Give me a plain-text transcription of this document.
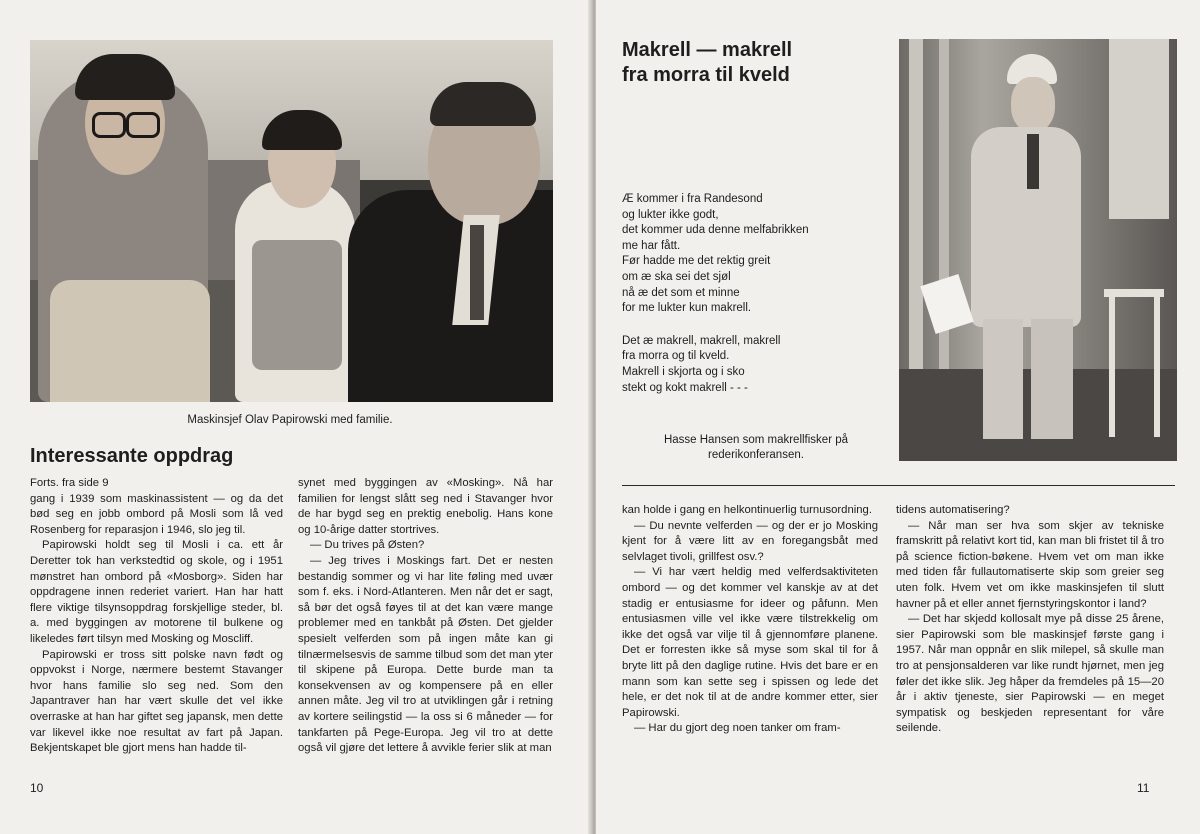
Maskinsjef Olav Papirowski med familie.
Interessante oppdrag

Forts. fra side 9

gang i 1939 som maskinassistent — og da det bød seg en jobb ombord på Mosli som lå ved Rosenberg for reparasjon i 1946, slo jeg til.

Papirowski holdt seg til Mosli i ca. ett år Deretter tok han verkstedtid og skole, og i 1951 mønstret han ombord på «Mosborg». Siden har oppdragene innen rederiet variert. Han har hatt flere viktige tilsynsoppdrag forskjellige steder, bl. a. med byggingen av motorene til bulkene og likeledes ført tilsyn med Mosking og Moscliff.

Papirowski er tross sitt polske navn født og oppvokst i Norge, nærmere bestemt Stavanger hvor hans familie slo seg ned. Som den Japantraver han har vært skulle det vel ikke overraske at han har giftet seg japansk, men dette var likevel ikke noe resultat av fart på Japan. Bekjentskapet ble gjort mens han hadde til-

synet med byggingen av «Mosking». Nå har familien for lengst slått seg ned i Stavanger hvor de har bygd seg en prektig enebolig. Hans kone og 10-årige datter stortrives.

— Du trives på Østen?

— Jeg trives i Moskings fart. Det er nesten bestandig sommer og vi har lite føling med uvær som f. eks. i Nord-Atlanteren. Men når det er sagt, så bør det også føyes til at det kan være mange problemer med en tankbåt på Østen. Det gjelder spesielt velferden som på ingen måte kan gi tilnærmelsesvis de samme tilbud som det man yter til skipene på Europa. Dette burde man ta konsekvensen av og kompensere på en eller annen måte. Jeg vil tro at utviklingen går i retning av kortere seilingstid — la oss si 6 måneder — for tankfarten på Pege-Europa. Jeg vil tro at dette også vil gjøre det lettere å avvikle ferier slik at man

10
Makrell — makrell
fra morra til kveld

Æ kommer i fra Randesond

og lukter ikke godt,

det kommer uda denne melfabrikken

me har fått.

Før hadde me det rektig greit

om æ ska sei det sjøl

nå æ det som et minne

for me lukter kun makrell.

Det æ makrell, makrell, makrell

fra morra og til kveld.

Makrell i skjorta og i sko

stekt og kokt makrell - - -

Hasse Hansen som makrellfisker på
rederikonferansen.

kan holde i gang en helkontinuerlig turnusordning.

— Du nevnte velferden — og der er jo Mosking kjent for å være litt av en foregangsbåt med selvlaget tivoli, grillfest osv.?

— Vi har vært heldig med velferdsaktiviteten ombord — og det kommer vel kanskje av at det stadig er entusiasme for ideer og påfunn. Men entusiasmen ville vel ikke være tilstrekkelig om ikke det også var vilje til å gjennomføre planene. Det er forresten ikke så myse som skal til for å bryte litt på den daglige rutine. Hvis det bare er en mann som kan sette seg i spissen og lede det hele, er det nok til at de andre kommer etter, sier Papirowski.

— Har du gjort deg noen tanker om fram-

tidens automatisering?

— Når man ser hva som skjer av tekniske framskritt på relativt kort tid, kan man bli fristet til å tro på science fiction-bøkene. Hvem vet om man ikke med tiden får fullautomatiserte skip som greier seg uten folk. Hvem vet om ikke maskinsjefen til slutt havner på et eller annet fjernstyringskontor i land?

— Det har skjedd kollosalt mye på disse 25 årene, sier Papirowski som ble maskinsjef første gang i 1957. Når man oppnår en slik milepel, så skulle man tro at pensjonsalderen var like rundt hjørnet, men jeg føler det ikke slik. Jeg håper da fremdeles på 15—20 år i aktiv tjeneste, sier Papirowski — en meget sympatisk og beskjeden representant for våre seilende.

11
